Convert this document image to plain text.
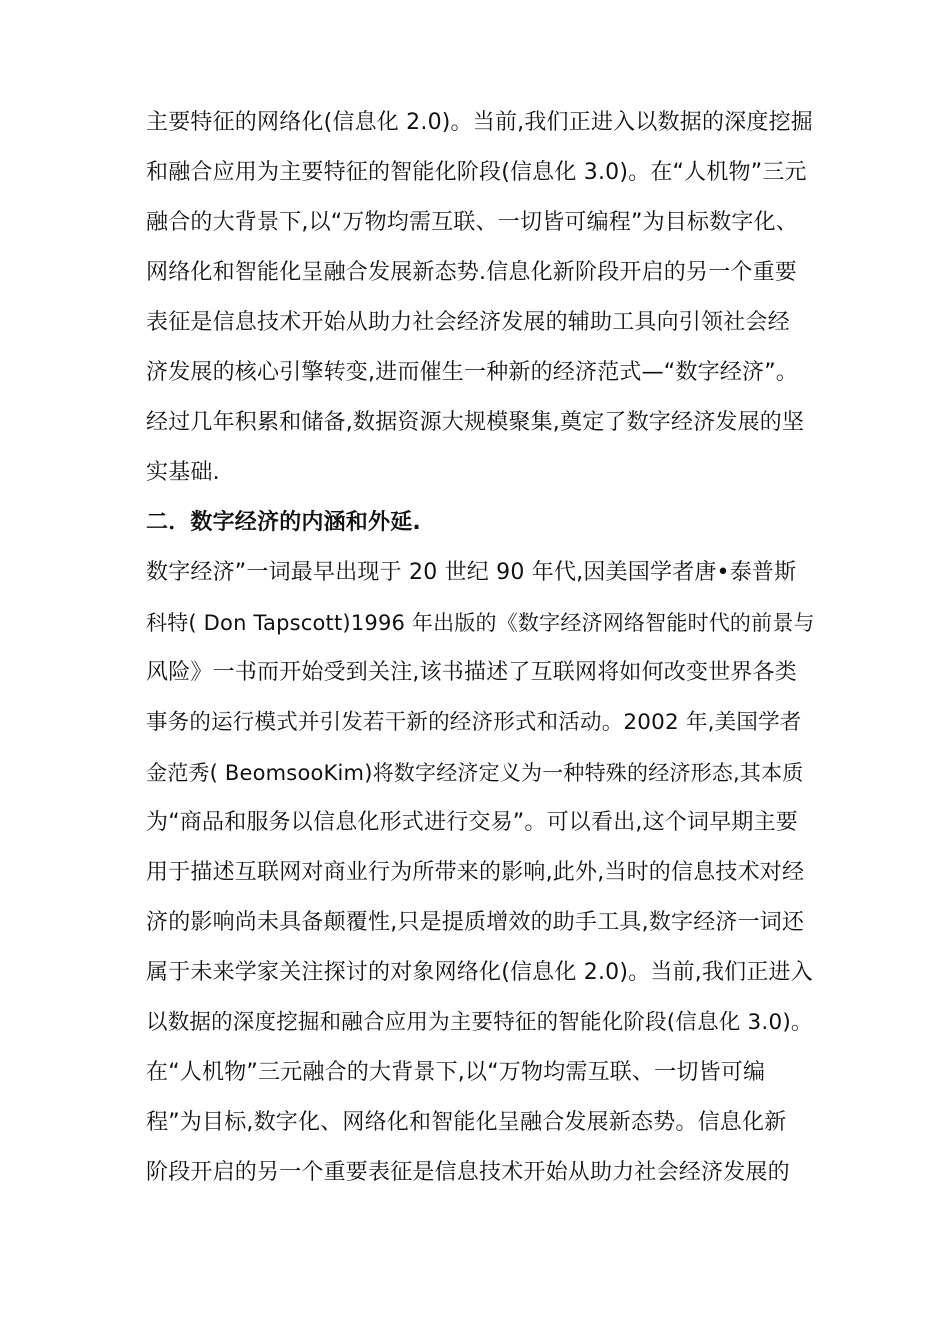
主要特征的网络化(信息化 2.0)。当前,我们正进入以数据的深度挖掘
和融合应用为主要特征的智能化阶段(信息化 3.0)。在“人机物”三元
融合的大背景下,以“万物均需互联、一切皆可编程”为目标数字化、
网络化和智能化呈融合发展新态势.信息化新阶段开启的另一个重要
表征是信息技术开始从助力社会经济发展的辅助工具向引领社会经
济发展的核心引擎转变,进而催生一种新的经济范式—“数字经济”。
经过几年积累和储备,数据资源大规模聚集,奠定了数字经济发展的坚
实基础.
二．数字经济的内涵和外延.
数字经济”一词最早出现于 20 世纪 90 年代,因美国学者唐•泰普斯
科特( Don Tapscott)1996 年出版的《数字经济网络智能时代的前景与
风险》一书而开始受到关注,该书描述了互联网将如何改变世界各类
事务的运行模式并引发若干新的经济形式和活动。2002 年,美国学者
金范秀( BeomsooKim)将数字经济定义为一种特殊的经济形态,其本质
为“商品和服务以信息化形式进行交易”。可以看出,这个词早期主要
用于描述互联网对商业行为所带来的影响,此外,当时的信息技术对经
济的影响尚未具备颠覆性,只是提质增效的助手工具,数字经济一词还
属于未来学家关注探讨的对象网络化(信息化 2.0)。当前,我们正进入
以数据的深度挖掘和融合应用为主要特征的智能化阶段(信息化 3.0)。
在“人机物”三元融合的大背景下,以“万物均需互联、一切皆可编
程”为目标,数字化、网络化和智能化呈融合发展新态势。信息化新
阶段开启的另一个重要表征是信息技术开始从助力社会经济发展的
